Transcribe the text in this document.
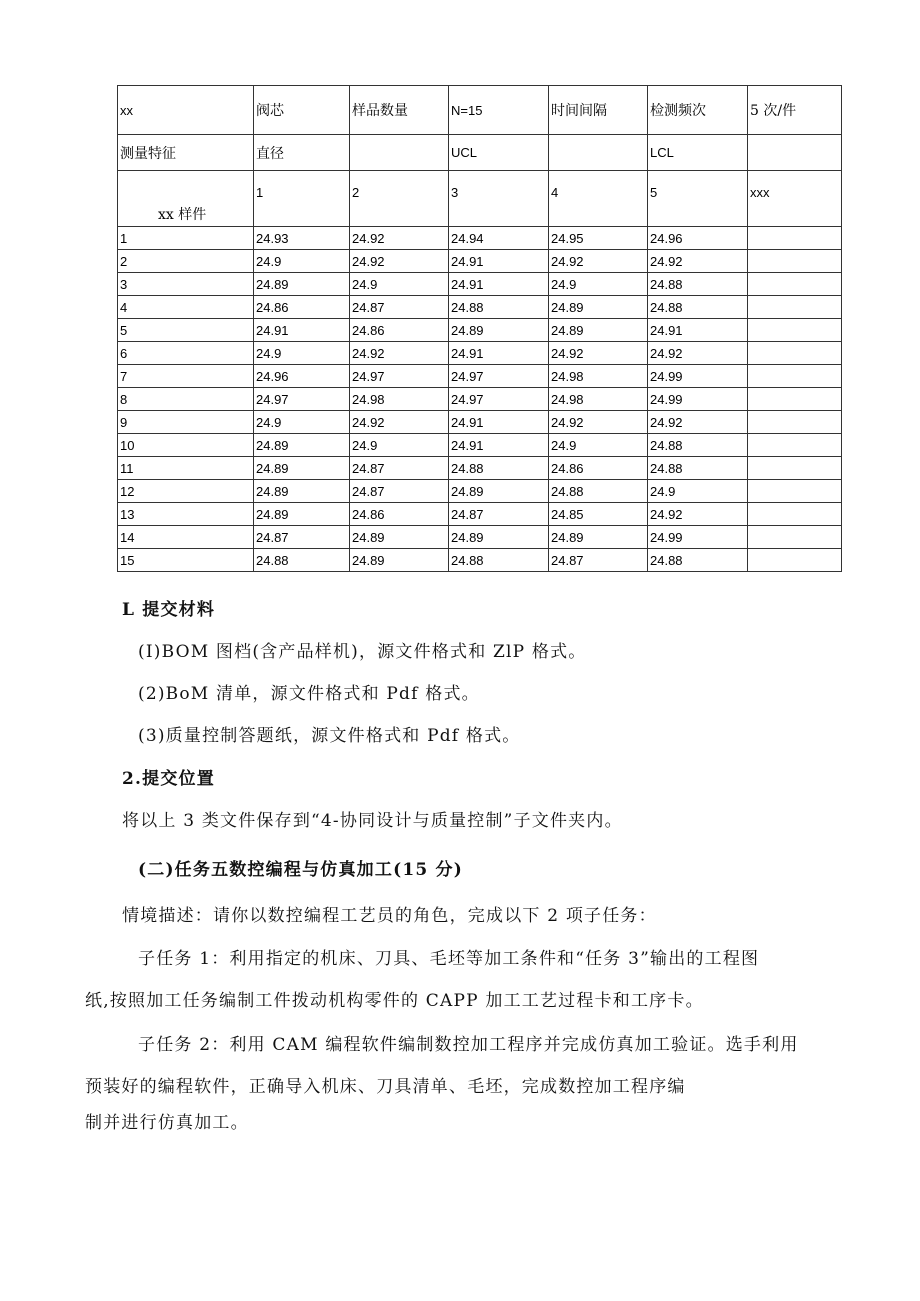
xx	阀芯	样品数量	N=15	时间间隔	检测频次	5 次/件
测量特征	直径		UCL		LCL	
xx 样件	1	2	3	4	5	xxx
1	24.93	24.92	24.94	24.95	24.96	
2	24.9	24.92	24.91	24.92	24.92	
3	24.89	24.9	24.91	24.9	24.88	
4	24.86	24.87	24.88	24.89	24.88	
5	24.91	24.86	24.89	24.89	24.91	
6	24.9	24.92	24.91	24.92	24.92	
7	24.96	24.97	24.97	24.98	24.99	
8	24.97	24.98	24.97	24.98	24.99	
9	24.9	24.92	24.91	24.92	24.92	
10	24.89	24.9	24.91	24.9	24.88	
11	24.89	24.87	24.88	24.86	24.88	
12	24.89	24.87	24.89	24.88	24.9	
13	24.89	24.86	24.87	24.85	24.92	
14	24.87	24.89	24.89	24.89	24.99	
15	24.88	24.89	24.88	24.87	24.88	
L 提交材料
(I)BOM 图档(含产品样机)，源文件格式和 ZlP 格式。
(2)BoM 清单，源文件格式和 Pdf 格式。
(3)质量控制答题纸，源文件格式和 Pdf 格式。
2.提交位置
将以上 3 类文件保存到“4-协同设计与质量控制”子文件夹内。
(二)任务五数控编程与仿真加工(15 分)
情境描述：请你以数控编程工艺员的角色，完成以下 2 项子任务：
子任务 1：利用指定的机床、刀具、毛坯等加工条件和“任务 3”输出的工程图
纸,按照加工任务编制工件拨动机构零件的 CAPP 加工工艺过程卡和工序卡。
子任务 2：利用 CAM 编程软件编制数控加工程序并完成仿真加工验证。选手利用
预装好的编程软件，正确导入机床、刀具清单、毛坯，完成数控加工程序编
制并进行仿真加工。
